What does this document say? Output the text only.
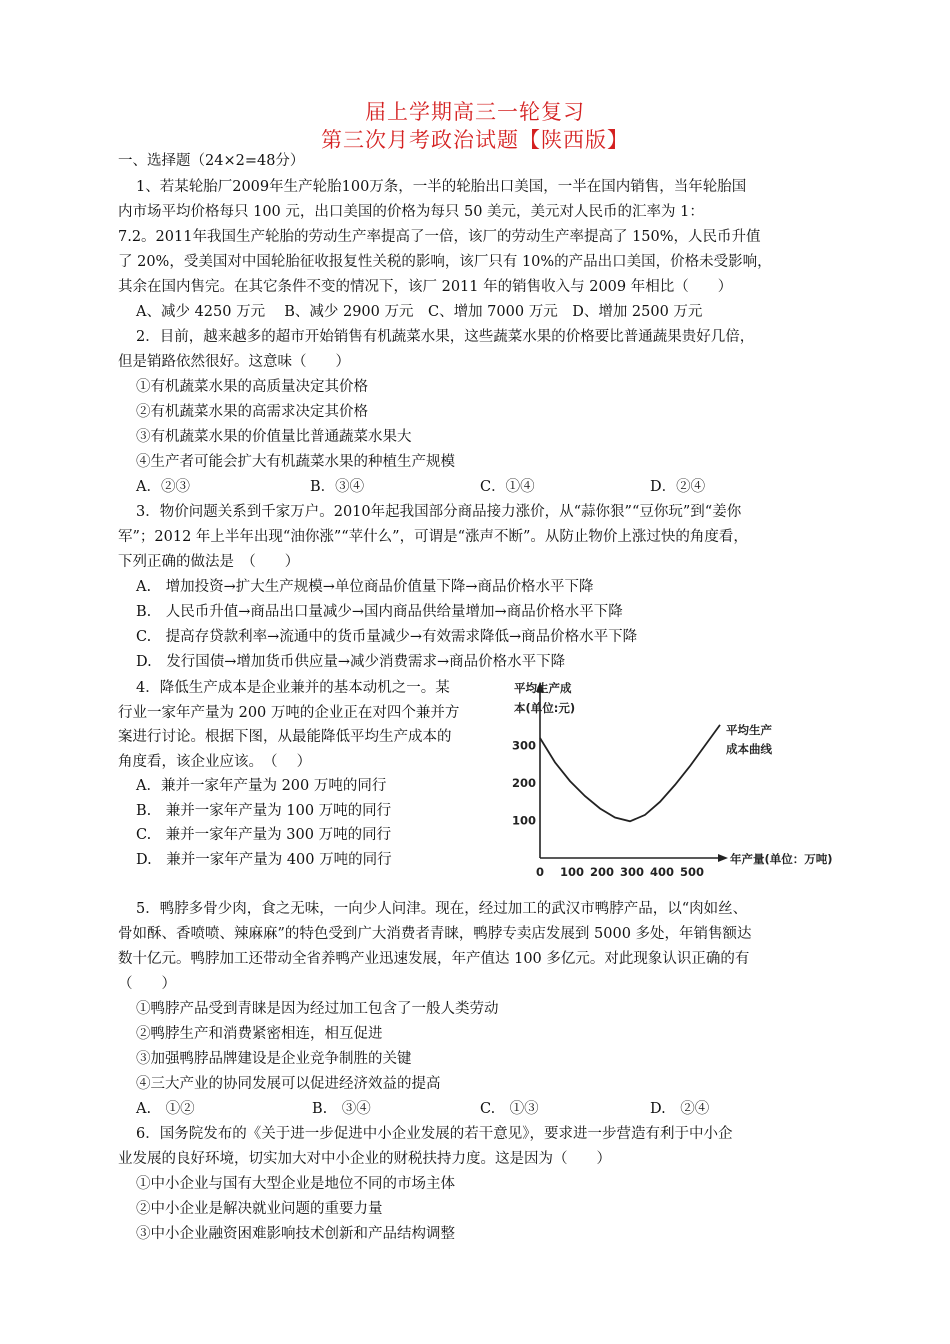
届上学期高三一轮复习
第三次月考政治试题【陕西版】
一、选择题（24×2=48分）
1、若某轮胎厂2009年生产轮胎100万条，一半的轮胎出口美国，一半在国内销售，当年轮胎国
内市场平均价格每只 100 元，出口美国的价格为每只 50 美元，美元对人民币的汇率为 1：
7.2。2011年我国生产轮胎的劳动生产率提高了一倍，该厂的劳动生产率提高了 150%，人民币升值
了 20%，受美国对中国轮胎征收报复性关税的影响，该厂只有 10%的产品出口美国，价格未受影响，
其余在国内售完。在其它条件不变的情况下，该厂 2011 年的销售收入与 2009 年相比（　　）
A、减少 4250 万元　 B、减少 2900 万元　C、增加 7000 万元　D、增加 2500 万元
2．目前，越来越多的超市开始销售有机蔬菜水果，这些蔬菜水果的价格要比普通蔬果贵好几倍，
但是销路依然很好。这意味（　　）
①有机蔬菜水果的高质量决定其价格
②有机蔬菜水果的高需求决定其价格
③有机蔬菜水果的价值量比普通蔬菜水果大
④生产者可能会扩大有机蔬菜水果的种植生产规模
A．②③	B．③④	C．①④	D．②④
3．物价问题关系到千家万户。2010年起我国部分商品接力涨价，从“蒜你狠”“豆你玩”到“姜你
军”；2012 年上半年出现“油你涨”“苹什么”，可谓是“涨声不断”。从防止物价上涨过快的角度看，
下列正确的做法是　（　　）
A.　增加投资→扩大生产规模→单位商品价值量下降→商品价格水平下降
B.　人民币升值→商品出口量减少→国内商品供给量增加→商品价格水平下降
C.　提高存贷款利率→流通中的货币量减少→有效需求降低→商品价格水平下降
D.　发行国债→增加货币供应量→减少消费需求→商品价格水平下降
4．降低生产成本是企业兼并的基本动机之一。某
行业一家年产量为 200 万吨的企业正在对四个兼并方
案进行讨论。根据下图，从最能降低平均生产成本的
角度看，该企业应该。　（　 ）
A．兼并一家年产量为 200 万吨的同行
B.　兼并一家年产量为 100 万吨的同行
C.　兼并一家年产量为 300 万吨的同行
D.　兼并一家年产量为 400 万吨的同行
平均生产成
本(单位:元)
年产量(单位：万吨)
平均生产
成本曲线
0 100 200 300 400 500
100
200
300
5．鸭脖多骨少肉，食之无味，一向少人问津。现在，经过加工的武汉市鸭脖产品，以“肉如丝、
骨如酥、香喷喷、辣麻麻”的特色受到广大消费者青睐，鸭脖专卖店发展到 5000 多处，年销售额达
数十亿元。鸭脖加工还带动全省养鸭产业迅速发展，年产值达 100 多亿元。对此现象认识正确的有
（　　）
①鸭脖产品受到青睐是因为经过加工包含了一般人类劳动
②鸭脖生产和消费紧密相连，相互促进
③加强鸭脖品牌建设是企业竞争制胜的关键
④三大产业的协同发展可以促进经济效益的提高
A.　①②	B.　③④	C.　①③	D.　②④
6．国务院发布的《关于进一步促进中小企业发展的若干意见》，要求进一步营造有利于中小企
业发展的良好环境，切实加大对中小企业的财税扶持力度。这是因为（　　）
①中小企业与国有大型企业是地位不同的市场主体
②中小企业是解决就业问题的重要力量
③中小企业融资困难影响技术创新和产品结构调整
